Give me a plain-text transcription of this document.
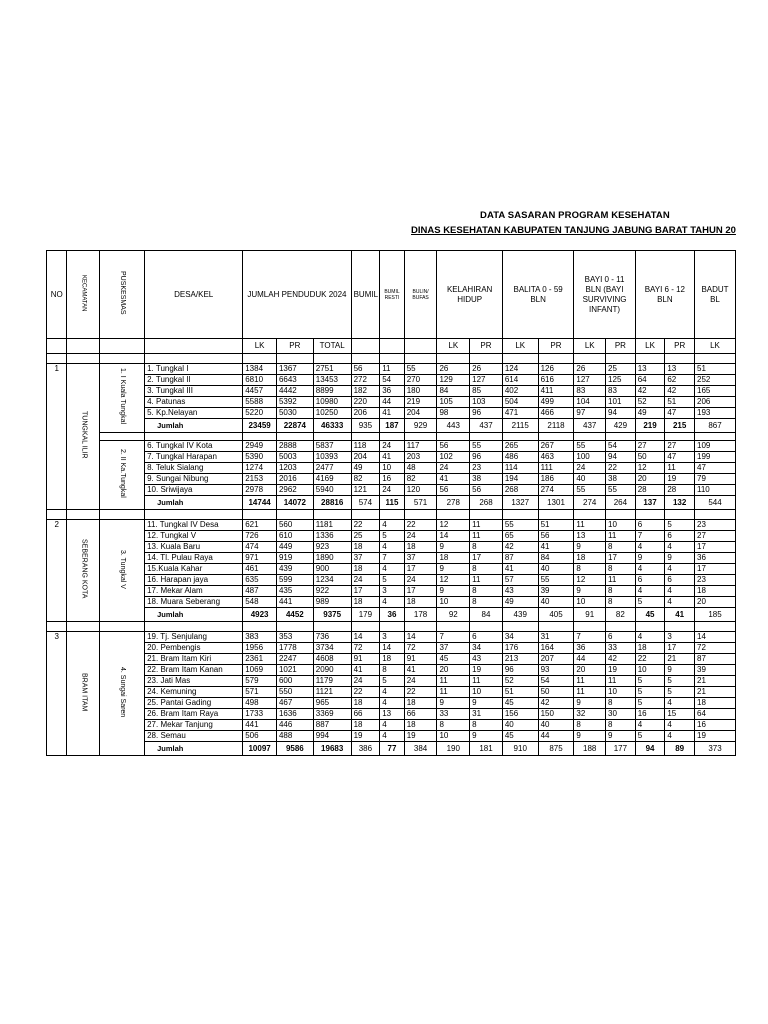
DATA SASARAN PROGRAM KESEHATAN
DINAS KESEHATAN KABUPATEN TANJUNG JABUNG BARAT TAHUN 20
NO	KECAMATAN	PUSKESMAS	DESA/KEL	JUMLAH PENDUDUK 2024			BUMIL	BUMIL RESTI	BULIN/ BUFAS	KELAHIRAN HIDUP		BALITA 0 - 59 BLN		BAYI 0 - 11 BLN (BAYI SURVIVING INFANT)		BAYI 6 - 12 BLN		BADUT BL
				LK	PR	TOTAL				LK	PR	LK	PR	LK	PR	LK	PR	LK

1	TUNGKAL ILIR	1. I Kuala Tungkal	1. Tungkal I	1384	1367	2751	56	11	55	26	26	124	126	26	25	13	13	51
			2. Tungkal II	6810	6643	13453	272	54	270	129	127	614	616	127	125	64	62	252
			3. Tungkal III	4457	4442	8899	182	36	180	84	85	402	411	83	83	42	42	165
			4. Patunas	5588	5392	10980	220	44	219	105	103	504	499	104	101	52	51	206
			5. Kp.Nelayan	5220	5030	10250	206	41	204	98	96	471	466	97	94	49	47	193
			Jumlah	23459	22874	46333	935	187	929	443	437	2115	2118	437	429	219	215	867

		2. II Ka.Tungkal	6. Tungkal IV Kota	2949	2888	5837	118	24	117	56	55	265	267	55	54	27	27	109
			7. Tungkal Harapan	5390	5003	10393	204	41	203	102	96	486	463	100	94	50	47	199
			8. Teluk Sialang	1274	1203	2477	49	10	48	24	23	114	111	24	22	12	11	47
			9. Sungai Nibung	2153	2016	4169	82	16	82	41	38	194	186	40	38	20	19	79
			10. Sriwijaya	2978	2962	5940	121	24	120	56	56	268	274	55	55	28	28	110
			Jumlah	14744	14072	28816	574	115	571	278	268	1327	1301	274	264	137	132	544

2	SEBERANG KOTA	3. Tungkal V	11. Tungkal IV Desa	621	560	1181	22	4	22	12	11	55	51	11	10	6	5	23
			12. Tungkal V	726	610	1336	25	5	24	14	11	65	56	13	11	7	6	27
			13. Kuala Baru	474	449	923	18	4	18	9	8	42	41	9	8	4	4	17
			14. Tl. Pulau Raya	971	919	1890	37	7	37	18	17	87	84	18	17	9	9	36
			15.Kuala Kahar	461	439	900	18	4	17	9	8	41	40	8	8	4	4	17
			16. Harapan jaya	635	599	1234	24	5	24	12	11	57	55	12	11	6	6	23
			17. Mekar Alam	487	435	922	17	3	17	9	8	43	39	9	8	4	4	18
			18. Muara Seberang	548	441	989	18	4	18	10	8	49	40	10	8	5	4	20
			Jumlah	4923	4452	9375	179	36	178	92	84	439	405	91	82	45	41	185

3	BRAM ITAM	4. Sungai Saren	19. Tj. Senjulang	383	353	736	14	3	14	7	6	34	31	7	6	4	3	14
			20. Pembengis	1956	1778	3734	72	14	72	37	34	176	164	36	33	18	17	72
			21. Bram Itam Kiri	2361	2247	4608	91	18	91	45	43	213	207	44	42	22	21	87
			22. Bram Itam Kanan	1069	1021	2090	41	8	41	20	19	96	93	20	19	10	9	39
			23. Jati Mas	579	600	1179	24	5	24	11	11	52	54	11	11	5	5	21
			24. Kemuning	571	550	1121	22	4	22	11	10	51	50	11	10	5	5	21
			25. Pantai Gading	498	467	965	18	4	18	9	9	45	42	9	8	5	4	18
			26. Bram Itam Raya	1733	1636	3369	66	13	66	33	31	156	150	32	30	16	15	64
			27. Mekar Tanjung	441	446	887	18	4	18	8	8	40	40	8	8	4	4	16
			28. Semau	506	488	994	19	4	19	10	9	45	44	9	9	5	4	19
			Jumlah	10097	9586	19683	386	77	384	190	181	910	875	188	177	94	89	373
